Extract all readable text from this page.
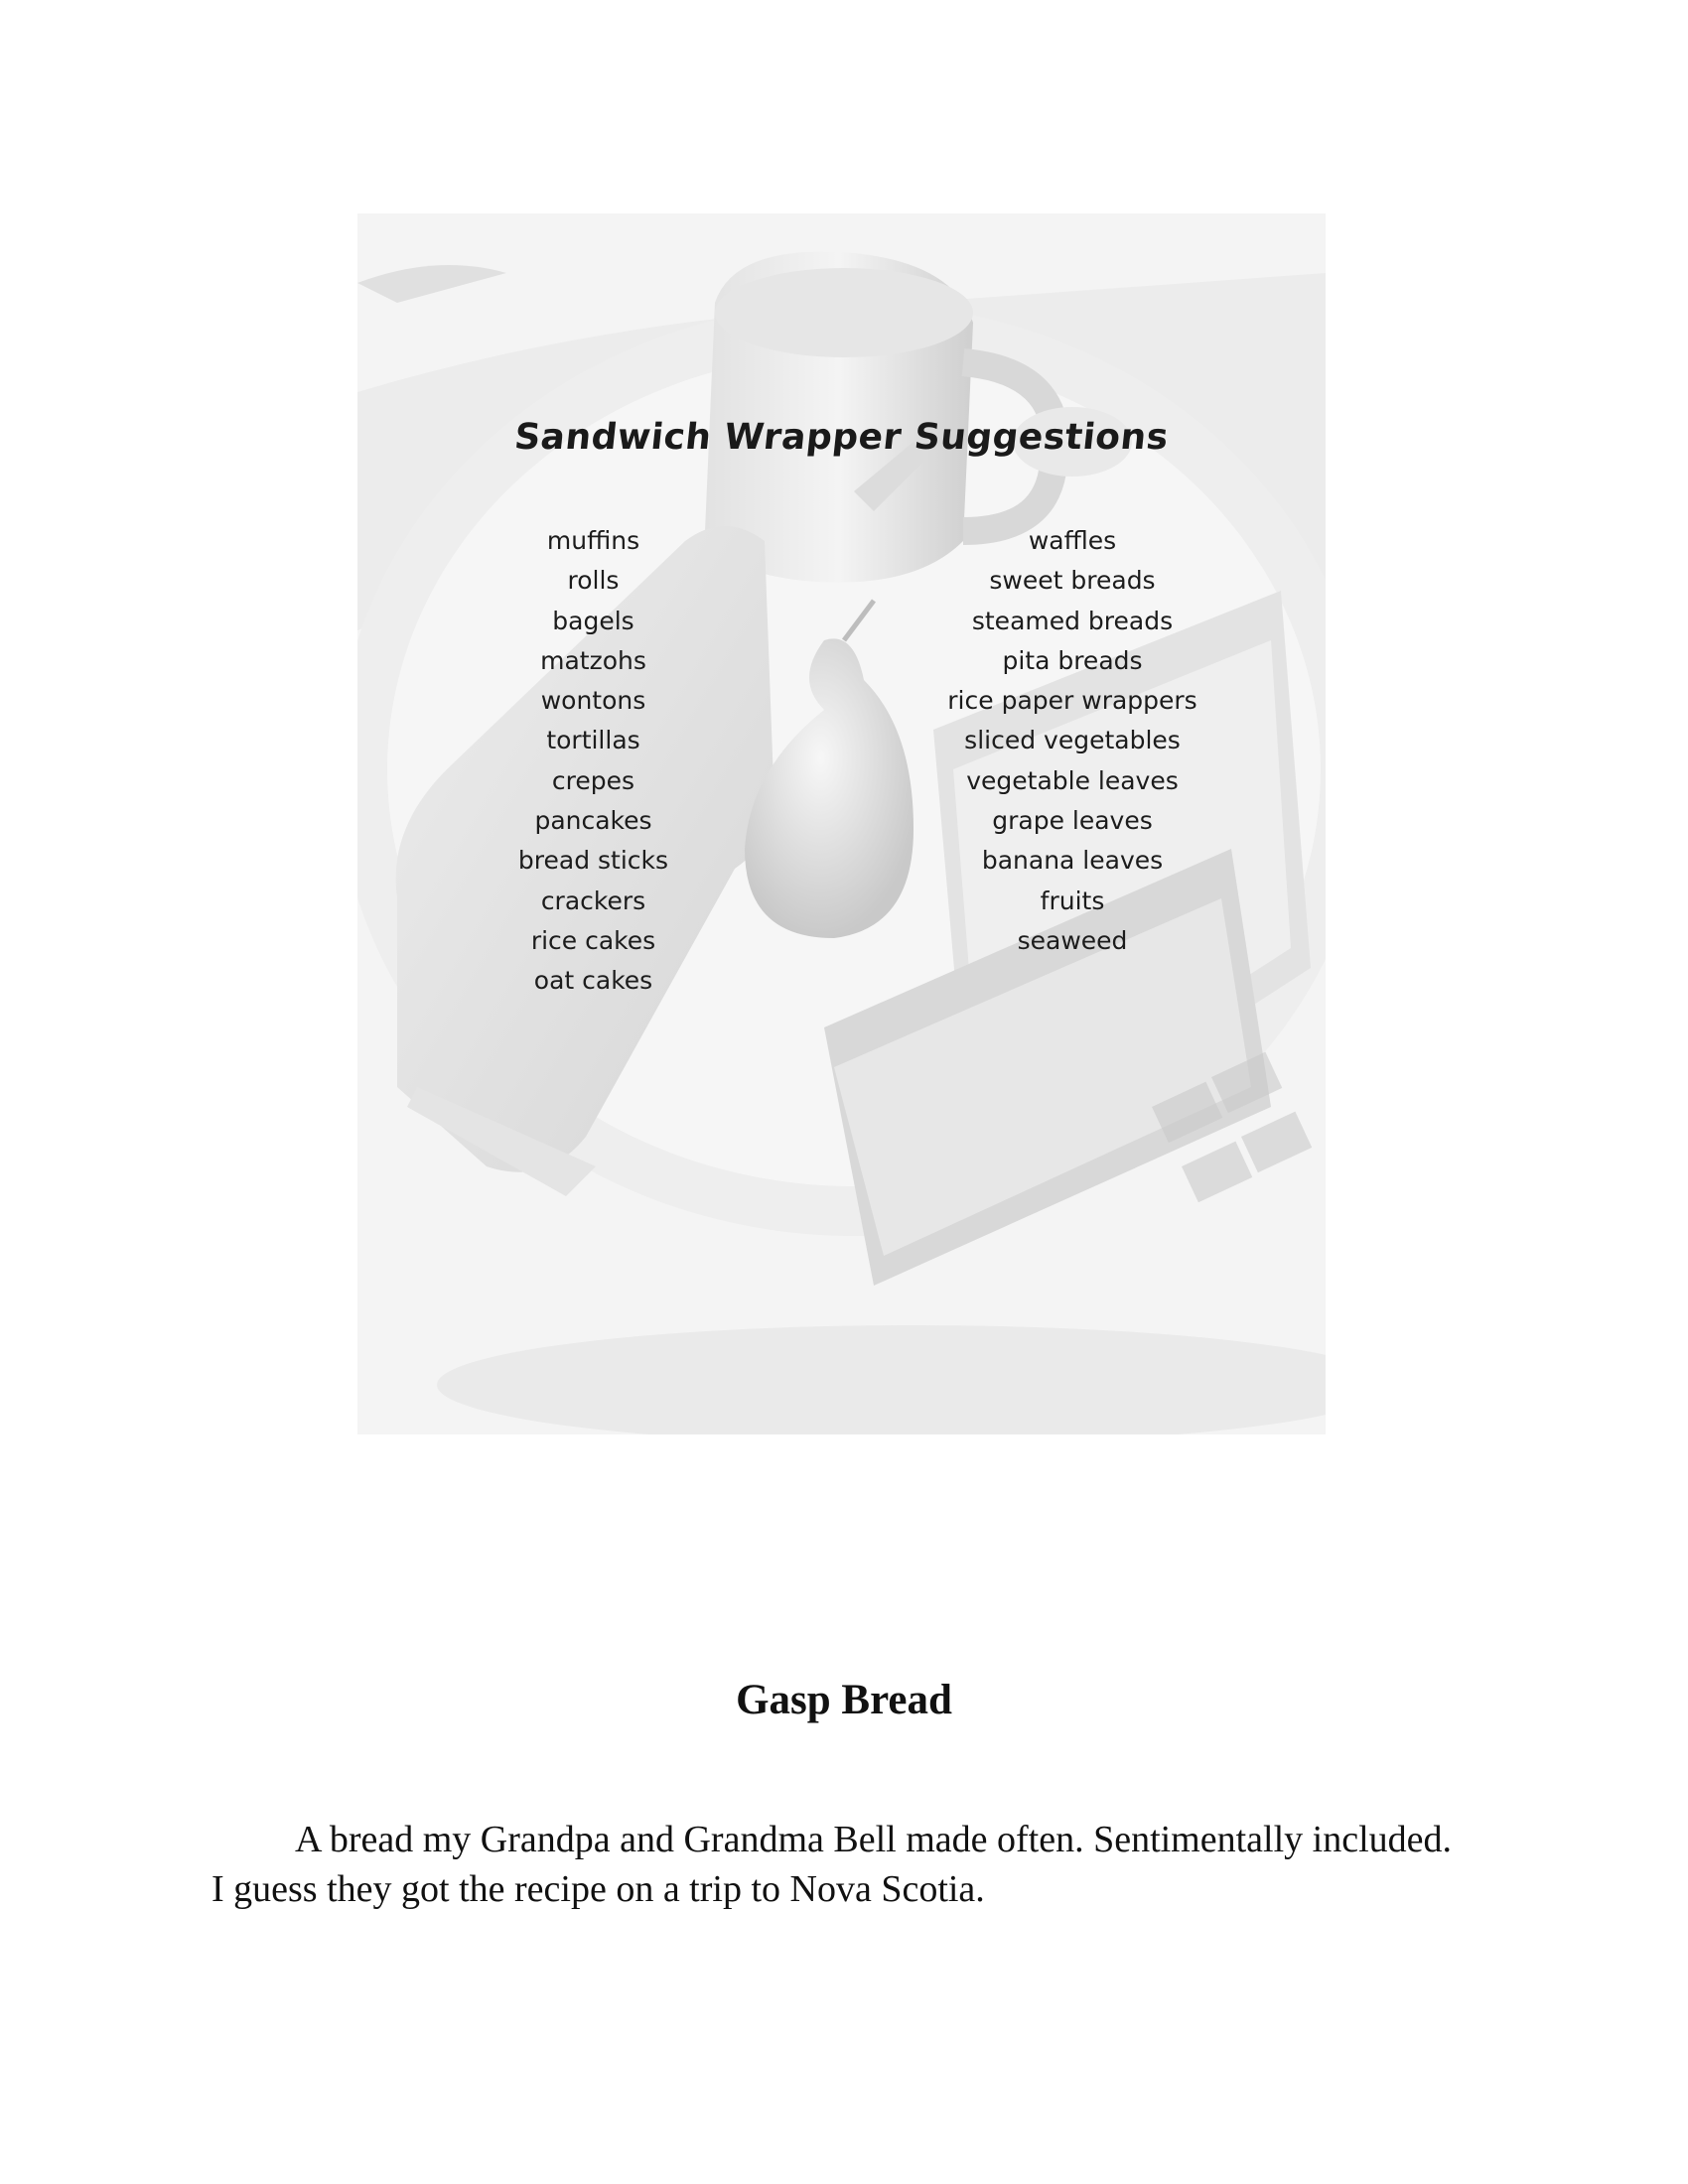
Sandwich Wrapper Suggestions
muffins
rolls
bagels
matzohs
wontons
tortillas
crepes
pancakes
bread sticks
crackers
rice cakes
oat cakes
waffles
sweet breads
steamed breads
pita breads
rice paper wrappers
sliced vegetables
vegetable leaves
grape leaves
banana leaves
fruits
seaweed
Gasp Bread

A bread my Grandpa and Grandma Bell made often. Sentimentally included. I guess they got the recipe on a trip to Nova Scotia.
